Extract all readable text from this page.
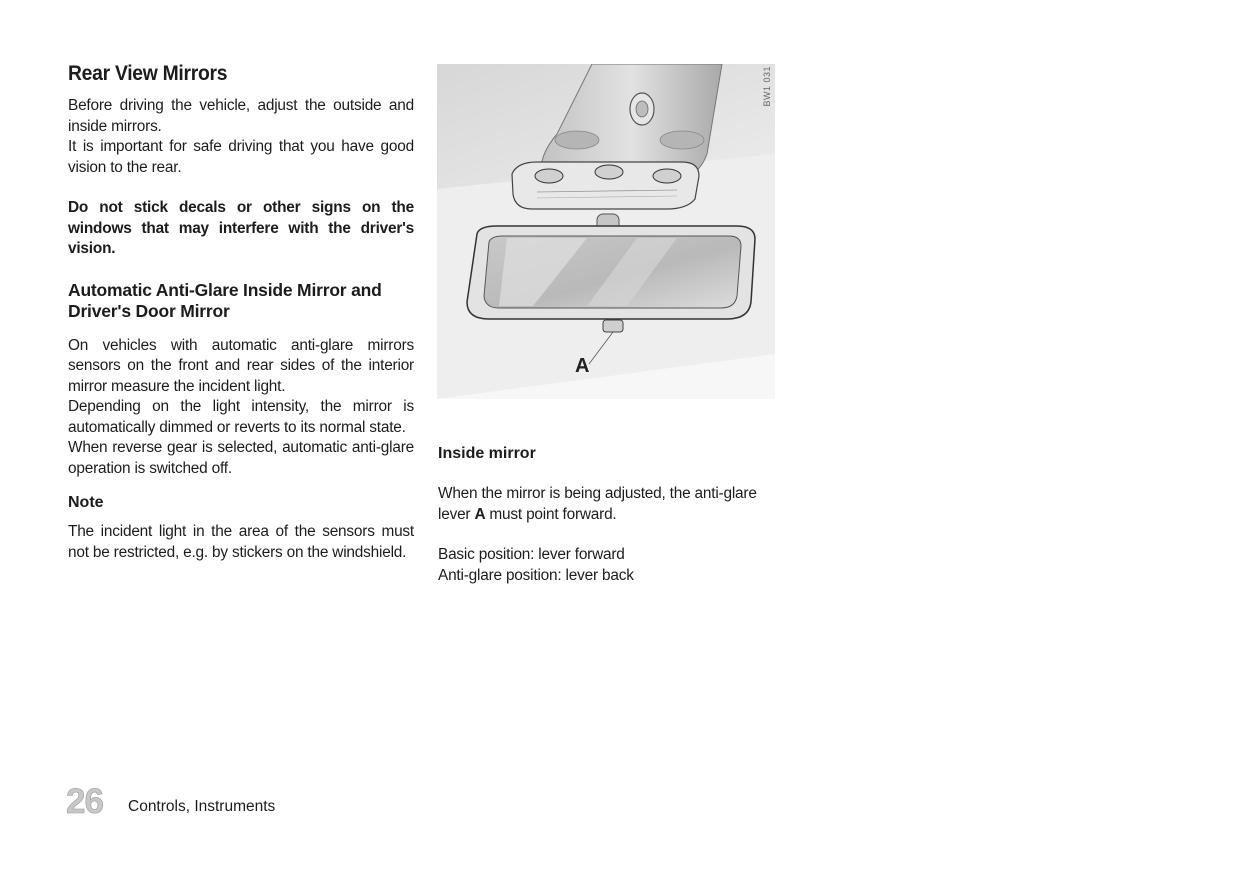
Rear View Mirrors

Before driving the vehicle, adjust the outside and inside mirrors.

It is important for safe driving that you have good vision to the rear.

Do not stick decals or other signs on the windows that may interfere with the driver's vision.

Automatic Anti-Glare Inside Mirror and Driver's Door Mirror

On vehicles with automatic anti-glare mirrors sensors on the front and rear sides of the interior mirror measure the incident light.

Depending on the light intensity, the mirror is automatically dimmed or reverts to its normal state.

When reverse gear is selected, automatic anti-glare operation is switched off.

Note

The incident light in the area of the sensors must not be restricted, e.g. by stickers on the windshield.

BW1 031
A
Inside mirror

When the mirror is being adjusted, the anti-glare lever A must point forward.

Basic position: lever forward

Anti-glare position: lever back

26 Controls, Instruments
